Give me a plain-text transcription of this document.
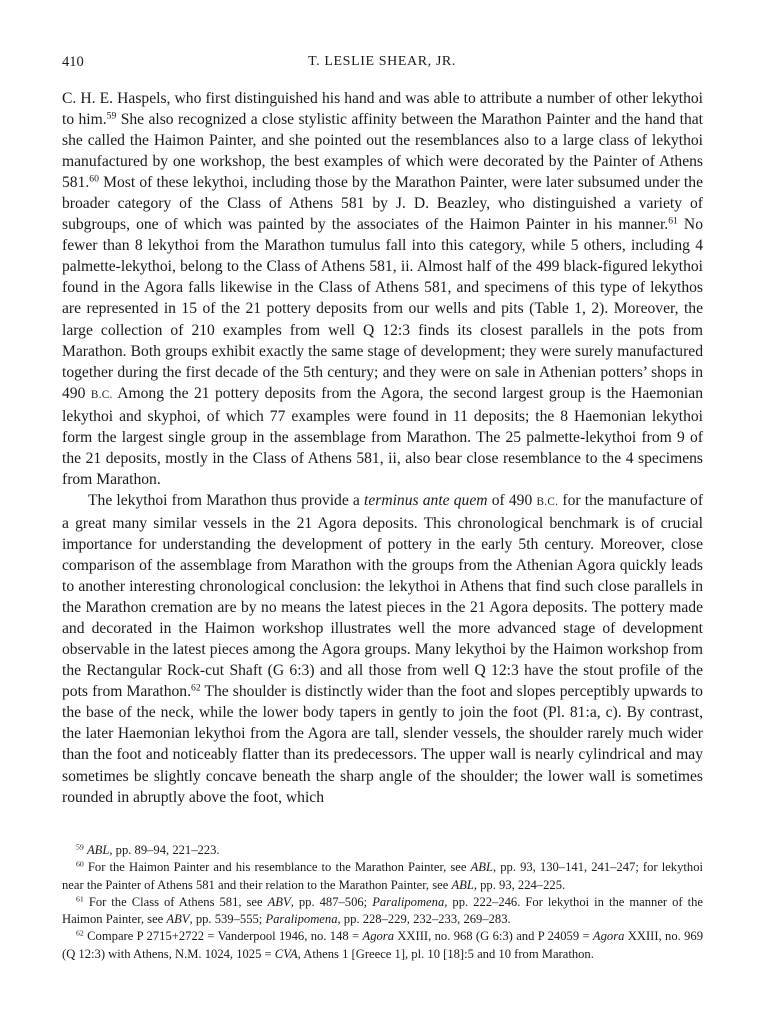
410	T. LESLIE SHEAR, JR.

C. H. E. Haspels, who first distinguished his hand and was able to attribute a number of other lekythoi to him.$^{59}$ She also recognized a close stylistic affinity between the Marathon Painter and the hand that she called the Haimon Painter, and she pointed out the resemblances also to a large class of lekythoi manufactured by one workshop, the best examples of which were decorated by the Painter of Athens 581.60 Most of these lekythoi, including those by the Marathon Painter, were later subsumed under the broader category of the Class of Athens 581 by J. D. Beazley, who distinguished a variety of subgroups, one of which was painted by the associates of the Haimon Painter in his manner.$^{61}$ No fewer than 8 lekythoi from the Marathon tumulus fall into this category, while 5 others, including 4 palmette-lekythoi, belong to the Class of Athens 581, ii. Almost half of the 499 black-figured lekythoi found in the Agora falls likewise in the Class of Athens 581, and specimens of this type of lekythos are represented in 15 of the 21 pottery deposits from our wells and pits (Table 1, 2). Moreover, the large collection of 210 examples from well Q 12:3 finds its closest parallels in the pots from Marathon. Both groups exhibit exactly the same stage of development; they were surely manufactured together during the first decade of the 5th century; and they were on sale in Athenian potters’ shops in 490 B.C. Among the 21 pottery deposits from the Agora, the second largest group is the Haemonian lekythoi and skyphoi, of which 77 examples were found in 11 deposits; the 8 Haemonian lekythoi form the largest single group in the assemblage from Marathon. The 25 palmette-lekythoi from 9 of the 21 deposits, mostly in the Class of Athens 581, ii, also bear close resemblance to the 4 specimens from Marathon.

The lekythoi from Marathon thus provide a terminus ante quem of 490 B.C. for the manufacture of a great many similar vessels in the 21 Agora deposits. This chronological benchmark is of crucial importance for understanding the development of pottery in the early 5th century. Moreover, close comparison of the assemblage from Marathon with the groups from the Athenian Agora quickly leads to another interesting chronological conclusion: the lekythoi in Athens that find such close parallels in the Marathon cremation are by no means the latest pieces in the 21 Agora deposits. The pottery made and decorated in the Haimon workshop illustrates well the more advanced stage of development observable in the latest pieces among the Agora groups. Many lekythoi by the Haimon workshop from the Rectangular Rock-cut Shaft (G 6:3) and all those from well Q 12:3 have the stout profile of the pots from Marathon.$^{62}$ The shoulder is distinctly wider than the foot and slopes perceptibly upwards to the base of the neck, while the lower body tapers in gently to join the foot (Pl. 81:a, c). By contrast, the later Haemonian lekythoi from the Agora are tall, slender vessels, the shoulder rarely much wider than the foot and noticeably flatter than its predecessors. The upper wall is nearly cylindrical and may sometimes be slightly concave beneath the sharp angle of the shoulder; the lower wall is sometimes rounded in abruptly above the foot, which

$^{59}$ ABL, pp. 89–94, 221–223.

$^{60}$ For the Haimon Painter and his resemblance to the Marathon Painter, see ABL, pp. 93, 130–141, 241–247; for lekythoi near the Painter of Athens 581 and their relation to the Marathon Painter, see ABL, pp. 93, 224–225.

$^{61}$ For the Class of Athens 581, see ABV, pp. 487–506; Paralipomena, pp. 222–246. For lekythoi in the manner of the Haimon Painter, see ABV, pp. 539–555; Paralipomena, pp. 228–229, 232–233, 269–283.

$^{62}$ Compare P 2715+2722 = Vanderpool 1946, no. 148 = Agora XXIII, no. 968 (G 6:3) and P 24059 = Agora XXIII, no. 969 (Q 12:3) with Athens, N.M. 1024, 1025 = CVA, Athens 1 [Greece 1], pl. 10 [18]:5 and 10 from Marathon.
